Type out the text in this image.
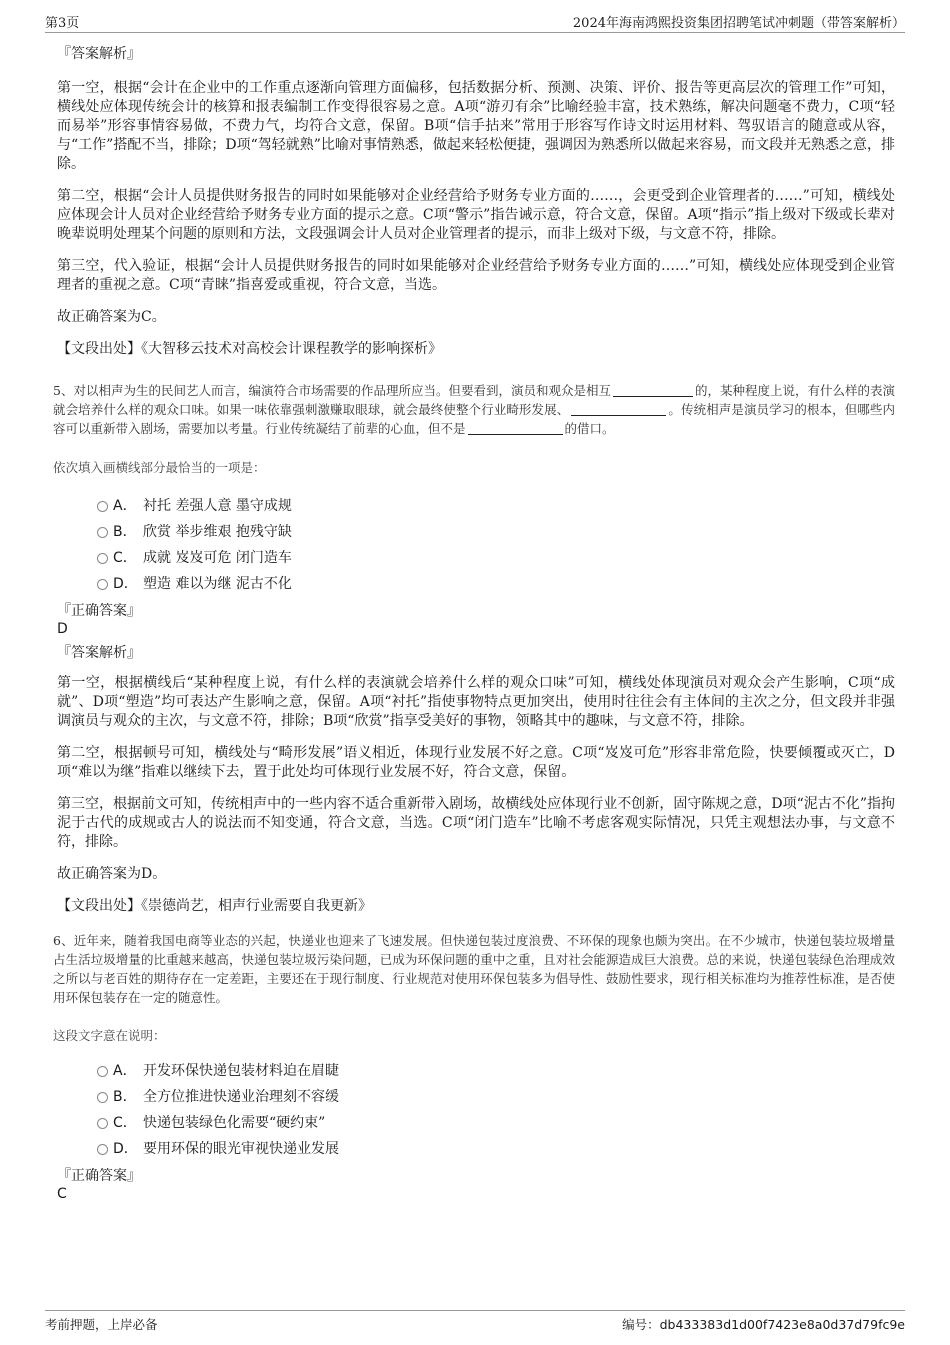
第3页	2024年海南鸿熙投资集团招聘笔试冲刺题（带答案解析）
『答案解析』
第一空，根据“会计在企业中的工作重点逐渐向管理方面偏移，包括数据分析、预测、决策、评价、报告等更高层次的管理工作”可知，横线处应体现传统会计的核算和报表编制工作变得很容易之意。A项“游刃有余”比喻经验丰富，技术熟练，解决问题毫不费力，C项“轻而易举”形容事情容易做，不费力气，均符合文意，保留。B项“信手拈来”常用于形容写作诗文时运用材料、驾驭语言的随意或从容，与“工作”搭配不当，排除；D项“驾轻就熟”比喻对事情熟悉，做起来轻松便捷，强调因为熟悉所以做起来容易，而文段并无熟悉之意，排除。
第二空，根据“会计人员提供财务报告的同时如果能够对企业经营给予财务专业方面的……，会更受到企业管理者的……”可知，横线处应体现会计人员对企业经营给予财务专业方面的提示之意。C项“警示”指告诫示意，符合文意，保留。A项“指示”指上级对下级或长辈对晚辈说明处理某个问题的原则和方法，文段强调会计人员对企业管理者的提示，而非上级对下级，与文意不符，排除。
第三空，代入验证，根据“会计人员提供财务报告的同时如果能够对企业经营给予财务专业方面的……”可知，横线处应体现受到企业管理者的重视之意。C项“青睐”指喜爱或重视，符合文意，当选。
故正确答案为C。
【文段出处】《大智移云技术对高校会计课程教学的影响探析》
5、对以相声为生的民间艺人而言，编演符合市场需要的作品理所应当。但要看到，演员和观众是相互	的，某种程度上说，有什么样的表演就会培养什么样的观众口味。如果一味依靠强刺激赚取眼球，就会最终使整个行业畸形发展、	。传统相声是演员学习的根本，但哪些内容可以重新带入剧场，需要加以考量。行业传统凝结了前辈的心血，但不是	的借口。
依次填入画横线部分最恰当的一项是：
A． 衬托 差强人意 墨守成规
B． 欣赏 举步维艰 抱残守缺
C． 成就 岌岌可危 闭门造车
D． 塑造 难以为继 泥古不化
『正确答案』
D
『答案解析』
第一空，根据横线后“某种程度上说，有什么样的表演就会培养什么样的观众口味”可知，横线处体现演员对观众会产生影响，C项“成就”、D项“塑造”均可表达产生影响之意，保留。A项“衬托”指使事物特点更加突出，使用时往往会有主体间的主次之分，但文段并非强调演员与观众的主次，与文意不符，排除；B项“欣赏”指享受美好的事物，领略其中的趣味，与文意不符，排除。
第二空，根据顿号可知，横线处与“畸形发展”语义相近，体现行业发展不好之意。C项“岌岌可危”形容非常危险，快要倾覆或灭亡，D项“难以为继”指难以继续下去，置于此处均可体现行业发展不好，符合文意，保留。
第三空，根据前文可知，传统相声中的一些内容不适合重新带入剧场，故横线处应体现行业不创新，固守陈规之意，D项“泥古不化”指拘泥于古代的成规或古人的说法而不知变通，符合文意，当选。C项“闭门造车”比喻不考虑客观实际情况，只凭主观想法办事，与文意不符，排除。
故正确答案为D。
【文段出处】《崇德尚艺，相声行业需要自我更新》
6、近年来，随着我国电商等业态的兴起，快递业也迎来了飞速发展。但快递包装过度浪费、不环保的现象也颇为突出。在不少城市，快递包装垃圾增量占生活垃圾增量的比重越来越高，快递包装垃圾污染问题，已成为环保问题的重中之重，且对社会能源造成巨大浪费。总的来说，快递包装绿色治理成效之所以与老百姓的期待存在一定差距，主要还在于现行制度、行业规范对使用环保包装多为倡导性、鼓励性要求，现行相关标准均为推荐性标准，是否使用环保包装存在一定的随意性。
这段文字意在说明：
A． 开发环保快递包装材料迫在眉睫
B． 全方位推进快递业治理刻不容缓
C． 快递包装绿色化需要“硬约束”
D． 要用环保的眼光审视快递业发展
『正确答案』
C
考前押题，上岸必备	编号：db433383d1d00f7423e8a0d37d79fc9e
